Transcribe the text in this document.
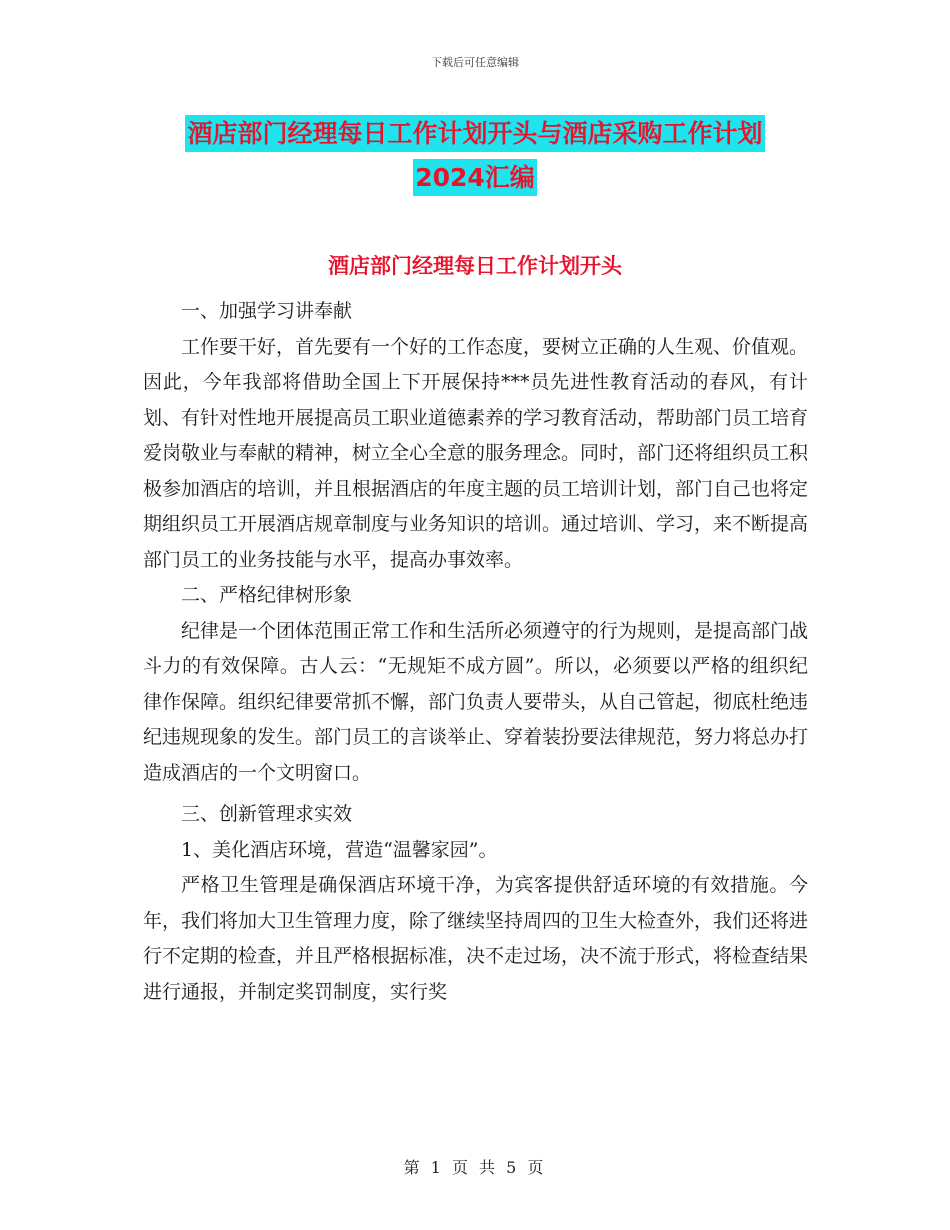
下载后可任意编辑
酒店部门经理每日工作计划开头与酒店采购工作计划
2024汇编
酒店部门经理每日工作计划开头

一、加强学习讲奉献

工作要干好，首先要有一个好的工作态度，要树立正确的人生观、价值观。因此，今年我部将借助全国上下开展保持***员先进性教育活动的春风，有计划、有针对性地开展提高员工职业道德素养的学习教育活动，帮助部门员工培育爱岗敬业与奉献的精神，树立全心全意的服务理念。同时，部门还将组织员工积极参加酒店的培训，并且根据酒店的年度主题的员工培训计划，部门自己也将定期组织员工开展酒店规章制度与业务知识的培训。通过培训、学习，来不断提高部门员工的业务技能与水平，提高办事效率。

二、严格纪律树形象

纪律是一个团体范围正常工作和生活所必须遵守的行为规则，是提高部门战斗力的有效保障。古人云：“无规矩不成方圆”。所以，必须要以严格的组织纪律作保障。组织纪律要常抓不懈，部门负责人要带头，从自己管起，彻底杜绝违纪违规现象的发生。部门员工的言谈举止、穿着装扮要法律规范，努力将总办打造成酒店的一个文明窗口。

三、创新管理求实效

1、美化酒店环境，营造“温馨家园”。

严格卫生管理是确保酒店环境干净，为宾客提供舒适环境的有效措施。今年，我们将加大卫生管理力度，除了继续坚持周四的卫生大检查外，我们还将进行不定期的检查，并且严格根据标准，决不走过场，决不流于形式，将检查结果进行通报，并制定奖罚制度，实行奖

第 1 页 共 5 页
